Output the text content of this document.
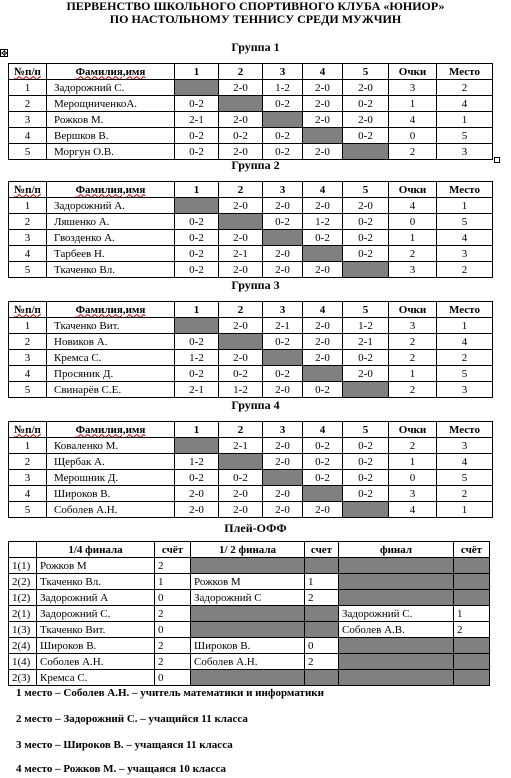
ПЕРВЕНСТВО ШКОЛЬНОГО СПОРТИВНОГО КЛУБА «ЮНИОР»
ПО НАСТОЛЬНОМУ ТЕННИСУ СРЕДИ МУЖЧИН
✥	Группа 1
№п/п	Фамилия,имя	1	2	3	4	5	Очки	Место
1	Задорожний С.		2-0	1-2	2-0	2-0	3	2
2	МерощниченкоА.	0-2		0-2	2-0	0-2	1	4
3	Рожков М.	2-1	2-0		2-0	2-0	4	1
4	Вершков В.	0-2	0-2	0-2		0-2	0	5
5	Моргун О.В.	0-2	2-0	0-2	2-0		2	3
Группа 2
№п/п	Фамилия,имя	1	2	3	4	5	Очки	Место
1	Задорожний А.		2-0	2-0	2-0	2-0	4	1
2	Ляшенко А.	0-2		0-2	1-2	0-2	0	5
3	Гвозденко А.	0-2	2-0		0-2	0-2	1	4
4	Тарбеев Н.	0-2	2-1	2-0		0-2	2	3
5	Ткаченко Вл.	0-2	2-0	2-0	2-0		3	2
Группа 3
№п/п	Фамилия,имя	1	2	3	4	5	Очки	Место
1	Ткаченко Вит.		2-0	2-1	2-0	1-2	3	1
2	Новиков А.	0-2		0-2	2-0	2-1	2	4
3	Кремса С.	1-2	2-0		2-0	0-2	2	2
4	Просяник Д.	0-2	0-2	0-2		2-0	1	5
5	Свинарёв С.Е.	2-1	1-2	2-0	0-2		2	3
Группа 4
№п/п	Фамилия,имя	1	2	3	4	5	Очки	Место
1	Коваленко М.		2-1	2-0	0-2	0-2	2	3
2	Щербак А.	1-2		2-0	0-2	0-2	1	4
3	Мерошник Д.	0-2	0-2		0-2	0-2	0	5
4	Широков В.	2-0	2-0	2-0		0-2	3	2
5	Соболев А.Н.	2-0	2-0	2-0	2-0		4	1
Плей-ОФФ
	1/4 финала	счёт	1/ 2 финала	счет	финал	счёт
1(1)	Рожков М	2				
2(2)	Ткаченко Вл.	1	Рожков М	1		
1(2)	Задорожний А	0	Задорожний С	2		
2(1)	Задорожний С.	2			Задорожний С.	1
1(3)	Ткаченко Вит.	0			Соболев А.В.	2
2(4)	Широков В.	2	Широков В.	0		
1(4)	Соболев А.Н.	2	Соболев А.Н.	2		
2(3)	Кремса С.	0				
1 место – Соболев А.Н. – учитель математики и информатики
2 место – Задорожний С. – учащийся 11 класса
3 место – Широков В. – учащаяся 11 класса
4 место – Рожков М. – учащаяся 10 класса
